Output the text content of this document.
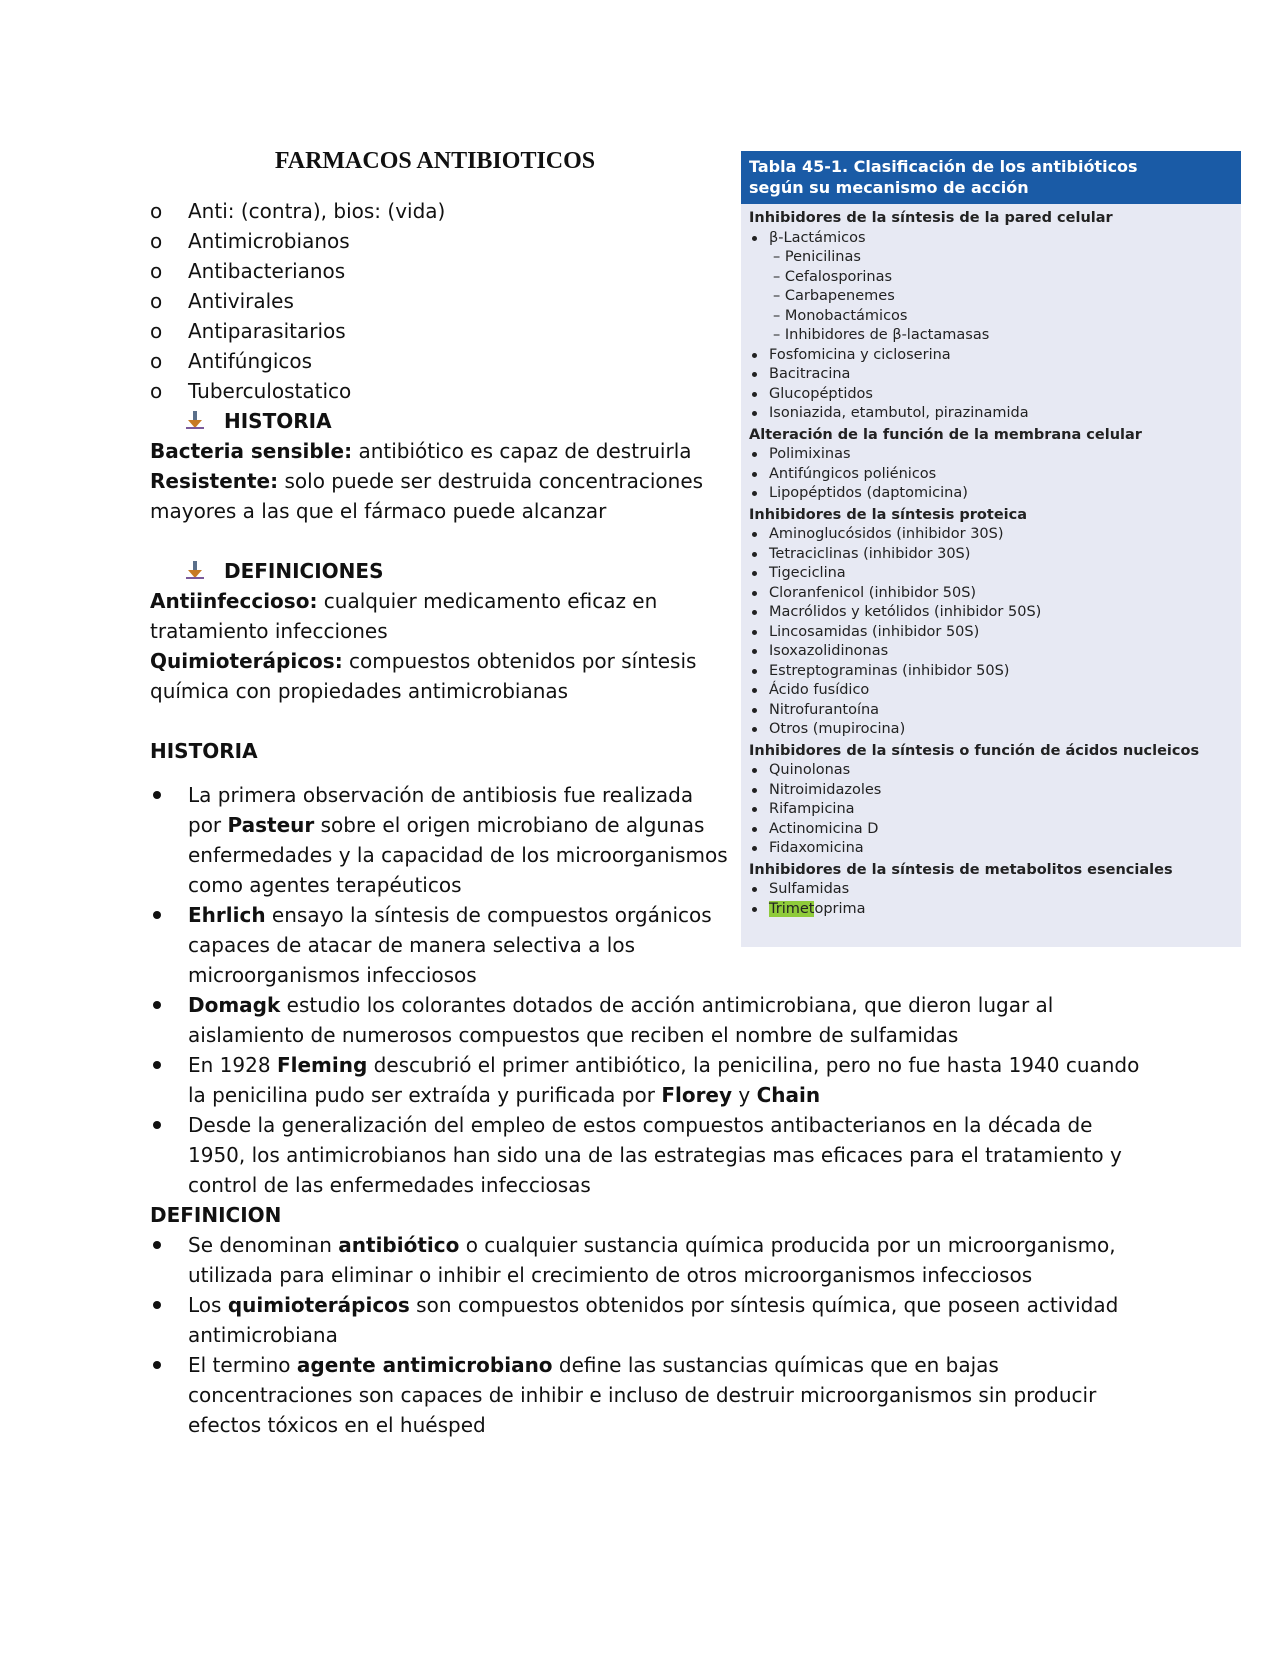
FARMACOS ANTIBIOTICOS
o Anti: (contra), bios: (vida)
o Antimicrobianos
o Antibacterianos
o Antivirales
o Antiparasitarios
o Antifúngicos
o Tuberculostatico
HISTORIA
Bacteria sensible: antibiótico es capaz de destruirla
Resistente: solo puede ser destruida concentraciones
mayores a las que el fármaco puede alcanzar
DEFINICIONES
Antiinfeccioso: cualquier medicamento eficaz en
tratamiento infecciones
Quimioterápicos: compuestos obtenidos por síntesis
química con propiedades antimicrobianas
HISTORIA
La primera observación de antibiosis fue realizada por Pasteur sobre el origen microbiano de algunas enfermedades y la capacidad de los microorganismos como agentes terapéuticos
Ehrlich ensayo la síntesis de compuestos orgánicos capaces de atacar de manera selectiva a los microorganismos infecciosos
Domagk estudio los colorantes dotados de acción antimicrobiana, que dieron lugar al aislamiento de numerosos compuestos que reciben el nombre de sulfamidas
En 1928 Fleming descubrió el primer antibiótico, la penicilina, pero no fue hasta 1940 cuando la penicilina pudo ser extraída y purificada por Florey y Chain
Desde la generalización del empleo de estos compuestos antibacterianos en la década de 1950, los antimicrobianos han sido una de las estrategias mas eficaces para el tratamiento y control de las enfermedades infecciosas
DEFINICION
Se denominan antibiótico o cualquier sustancia química producida por un microorganismo, utilizada para eliminar o inhibir el crecimiento de otros microorganismos infecciosos
Los quimioterápicos son compuestos obtenidos por síntesis química, que poseen actividad antimicrobiana
El termino agente antimicrobiano define las sustancias químicas que en bajas concentraciones son capaces de inhibir e incluso de destruir microorganismos sin producir efectos tóxicos en el huésped
Tabla 45-1. Clasificación de los antibióticos
según su mecanismo de acción
Inhibidores de la síntesis de la pared celular
β-Lactámicos
– Penicilinas
– Cefalosporinas
– Carbapenemes
– Monobactámicos
– Inhibidores de β-lactamasas
Fosfomicina y cicloserina
Bacitracina
Glucopéptidos
Isoniazida, etambutol, pirazinamida
Alteración de la función de la membrana celular
Polimixinas
Antifúngicos poliénicos
Lipopéptidos (daptomicina)
Inhibidores de la síntesis proteica
Aminoglucósidos (inhibidor 30S)
Tetraciclinas (inhibidor 30S)
Tigeciclina
Cloranfenicol (inhibidor 50S)
Macrólidos y ketólidos (inhibidor 50S)
Lincosamidas (inhibidor 50S)
Isoxazolidinonas
Estreptograminas (inhibidor 50S)
Ácido fusídico
Nitrofurantoína
Otros (mupirocina)
Inhibidores de la síntesis o función de ácidos nucleicos
Quinolonas
Nitroimidazoles
Rifampicina
Actinomicina D
Fidaxomicina
Inhibidores de la síntesis de metabolitos esenciales
Sulfamidas
Trimetoprima
